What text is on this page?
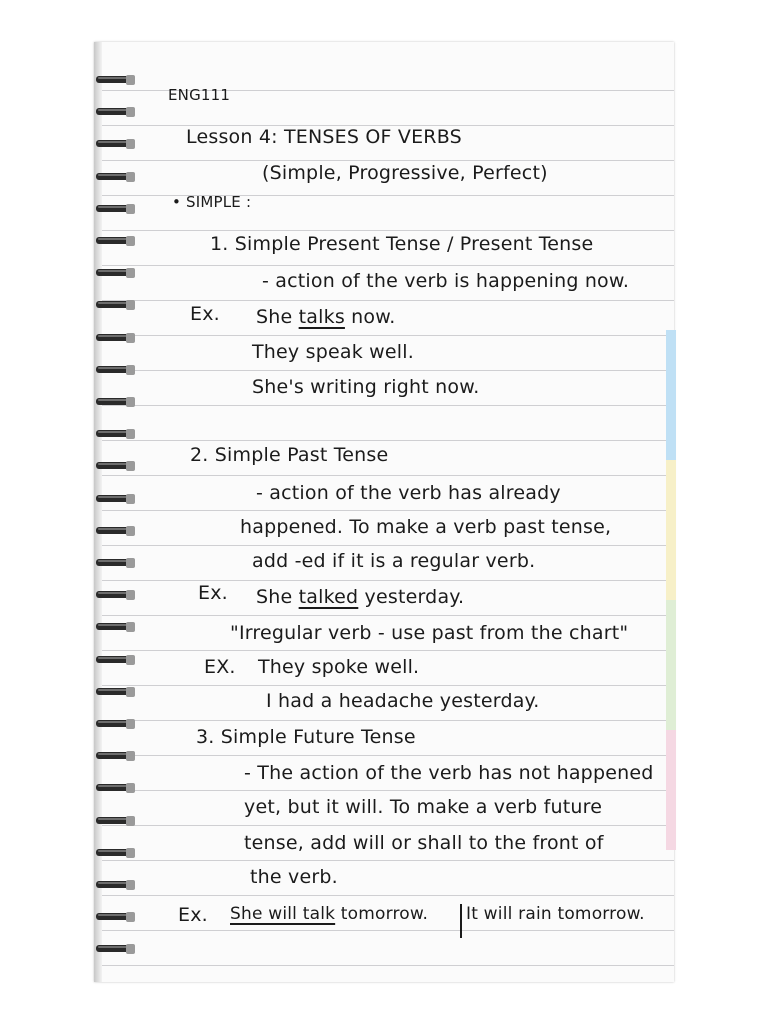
ENG111
Lesson 4: TENSES OF VERBS
(Simple, Progressive, Perfect)
• SIMPLE :
1. Simple Present Tense / Present Tense
- action of the verb is happening now.
Ex. She talks now.
They speak well.
She's writing right now.
2. Simple Past Tense
- action of the verb has already
happened. To make a verb past tense,
add -ed if it is a regular verb.
Ex. She talked yesterday.
"Irregular verb - use past from the chart"
EX. They spoke well.
I had a headache yesterday.
3. Simple Future Tense
- The action of the verb has not happened
yet, but it will. To make a verb future
tense, add will or shall to the front of
the verb.
Ex. She will talk tomorrow. It will rain tomorrow.
